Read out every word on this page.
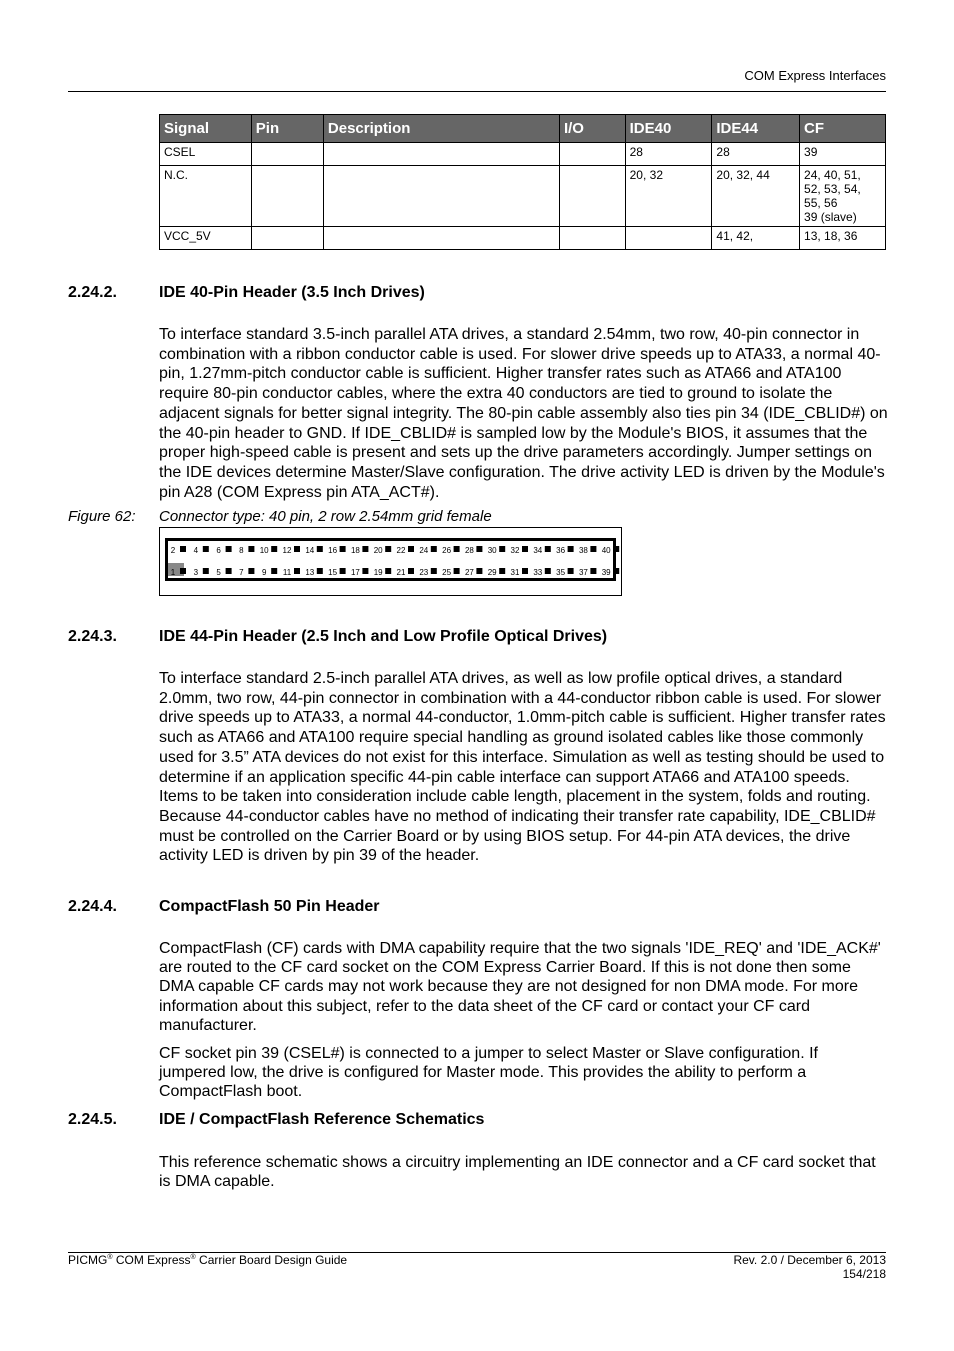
COM Express Interfaces
Signal	Pin	Description	I/O	IDE40	IDE44	CF
CSEL				28	28	39
N.C.				20, 32	20, 32, 44	24, 40, 51,
52, 53, 54,
55, 56
39 (slave)
VCC_5V					41, 42,	13, 18, 36
2.24.2.	IDE 40-Pin Header (3.5 Inch Drives)
To interface standard 3.5-inch parallel ATA drives, a standard 2.54mm, two row, 40-pin connector in combination with a ribbon conductor cable is used. For slower drive speeds up to ATA33, a normal 40-pin, 1.27mm-pitch conductor cable is sufficient. Higher transfer rates such as ATA66 and ATA100 require 80-pin conductor cables, where the extra 40 conductors are tied to ground to isolate the adjacent signals for better signal integrity. The 80-pin cable assembly also ties pin 34 (IDE_CBLID#) on the 40-pin header to GND. If IDE_CBLID# is sampled low by the Module's BIOS, it assumes that the proper high-speed cable is present and sets up the drive parameters accordingly. Jumper settings on the IDE devices determine Master/Slave configuration. The drive activity LED is driven by the Module's pin A28 (COM Express pin ATA_ACT#).
Figure 62: Connector type: 40 pin, 2 row 2.54mm grid female
2 4 6 8 10 12 14 16 18 20 22 24 26 28 30 32 34 36 38 40
1 3 5 7 9 11 13 15 17 19 21 23 25 27 29 31 33 35 37 39
2.24.3.	IDE 44-Pin Header (2.5 Inch and Low Profile Optical Drives)
To interface standard 2.5-inch parallel ATA drives, as well as low profile optical drives, a standard 2.0mm, two row, 44-pin connector in combination with a 44-conductor ribbon cable is used. For slower drive speeds up to ATA33, a normal 44-conductor, 1.0mm-pitch cable is sufficient. Higher transfer rates such as ATA66 and ATA100 require special handling as ground isolated cables like those commonly used for 3.5” ATA devices do not exist for this interface. Simulation as well as testing should be used to determine if an application specific 44-pin cable interface can support ATA66 and ATA100 speeds. Items to be taken into consideration include cable length, placement in the system, folds and routing. Because 44-conductor cables have no method of indicating their transfer rate capability, IDE_CBLID# must be controlled on the Carrier Board or by using BIOS setup. For 44-pin ATA devices, the drive activity LED is driven by pin 39 of the header.
2.24.4.	CompactFlash 50 Pin Header
CompactFlash (CF) cards with DMA capability require that the two signals 'IDE_REQ' and 'IDE_ACK#' are routed to the CF card socket on the COM Express Carrier Board. If this is not done then some DMA capable CF cards may not work because they are not designed for non DMA mode. For more information about this subject, refer to the data sheet of the CF card or contact your CF card manufacturer.
CF socket pin 39 (CSEL#) is connected to a jumper to select Master or Slave configuration. If jumpered low, the drive is configured for Master mode. This provides the ability to perform a CompactFlash boot.
2.24.5.	IDE / CompactFlash Reference Schematics
This reference schematic shows a circuitry implementing an IDE connector and a CF card socket that is DMA capable.
PICMG® COM Express® Carrier Board Design Guide	Rev. 2.0 / December 6, 2013
154/218
